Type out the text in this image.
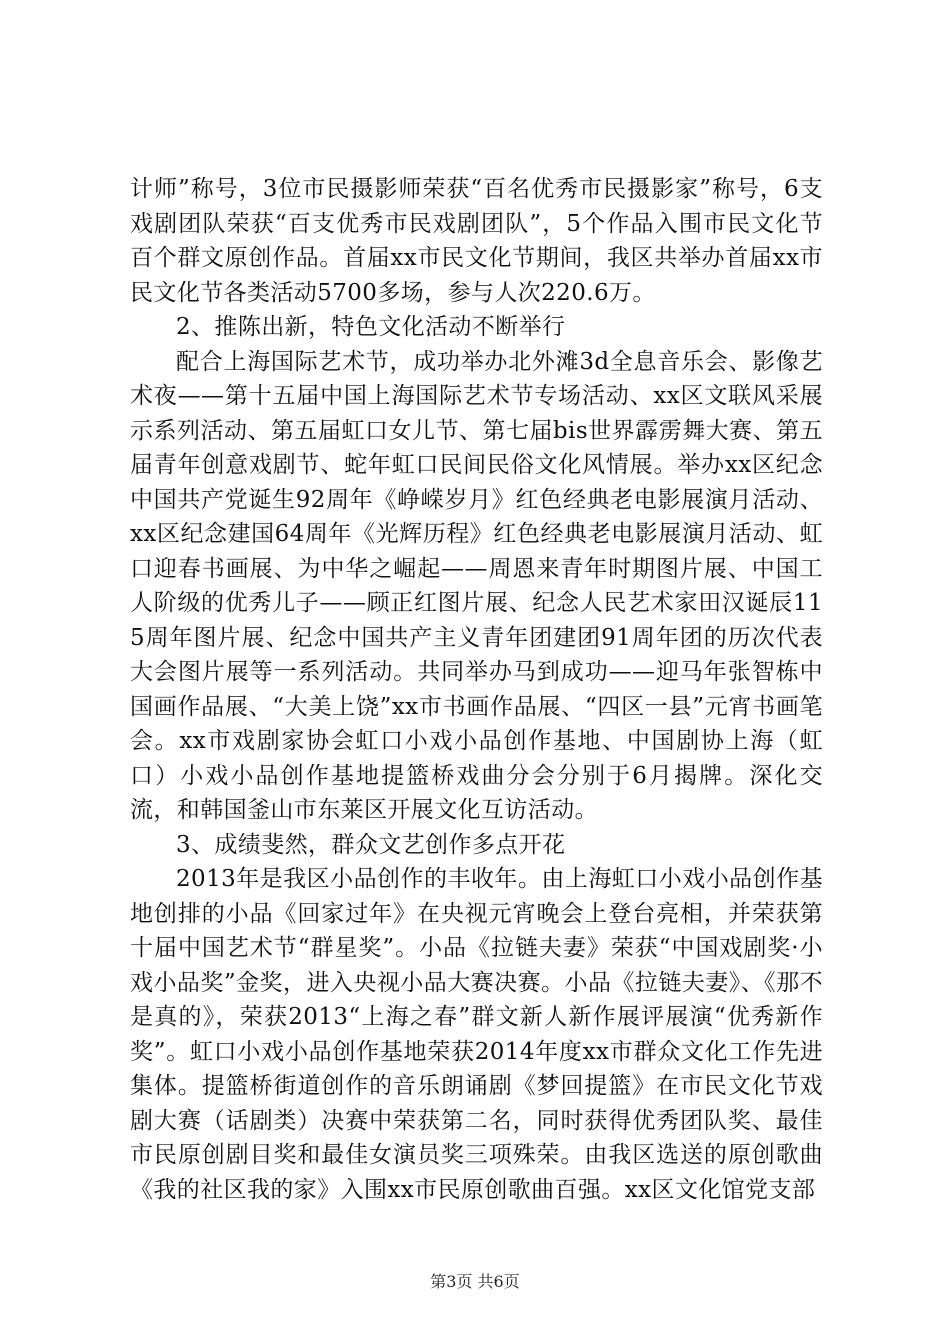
计师”称号，3位市民摄影师荣获“百名优秀市民摄影家”称号，6支戏剧团队荣获“百支优秀市民戏剧团队”，5个作品入围市民文化节百个群文原创作品。首届xx市民文化节期间，我区共举办首届xx市民文化节各类活动5700多场，参与人次220.6万。

2、推陈出新，特色文化活动不断举行

配合上海国际艺术节，成功举办北外滩3d全息音乐会、影像艺术夜——第十五届中国上海国际艺术节专场活动、xx区文联风采展示系列活动、第五届虹口女儿节、第七届bis世界霹雳舞大赛、第五届青年创意戏剧节、蛇年虹口民间民俗文化风情展。举办xx区纪念中国共产党诞生92周年《峥嵘岁月》红色经典老电影展演月活动、xx区纪念建国64周年《光辉历程》红色经典老电影展演月活动、虹口迎春书画展、为中华之崛起——周恩来青年时期图片展、中国工人阶级的优秀儿子——顾正红图片展、纪念人民艺术家田汉诞辰115周年图片展、纪念中国共产主义青年团建团91周年团的历次代表大会图片展等一系列活动。共同举办马到成功——迎马年张智栋中国画作品展、“大美上饶”xx市书画作品展、“四区一县”元宵书画笔会。xx市戏剧家协会虹口小戏小品创作基地、中国剧协上海（虹口）小戏小品创作基地提篮桥戏曲分会分别于6月揭牌。深化交流，和韩国釜山市东莱区开展文化互访活动。

3、成绩斐然，群众文艺创作多点开花

2013年是我区小品创作的丰收年。由上海虹口小戏小品创作基地创排的小品《回家过年》在央视元宵晚会上登台亮相，并荣获第十届中国艺术节“群星奖”。小品《拉链夫妻》荣获“中国戏剧奖·小戏小品奖”金奖，进入央视小品大赛决赛。小品《拉链夫妻》、《那不是真的》，荣获2013“上海之春”群文新人新作展评展演“优秀新作奖”。虹口小戏小品创作基地荣获2014年度xx市群众文化工作先进集体。提篮桥街道创作的音乐朗诵剧《梦回提篮》在市民文化节戏剧大赛（话剧类）决赛中荣获第二名，同时获得优秀团队奖、最佳市民原创剧目奖和最佳女演员奖三项殊荣。由我区选送的原创歌曲《我的社区我的家》入围xx市民原创歌曲百强。xx区文化馆党支部

第3页 共6页
